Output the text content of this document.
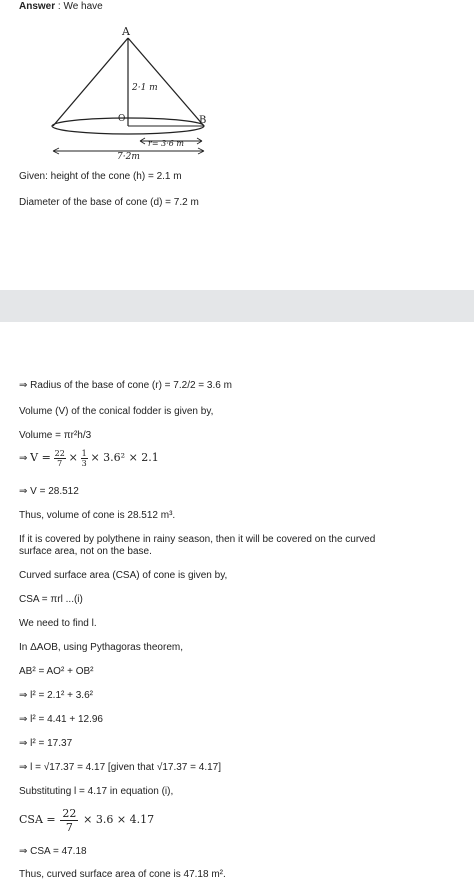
Answer : We have
A
2·1 m
O	B
r= 3·6 m
7·2m
Given: height of the cone (h) = 2.1 m
Diameter of the base of cone (d) = 7.2 m
⇒ Radius of the base of cone (r) = 7.2/2 = 3.6 m
Volume (V) of the conical fodder is given by,
Volume = πr²h/3
⇒ $V = \frac{22}{7} \times \frac{1}{3} \times 3.6^2 \times 2.1$
⇒ V = 28.512
Thus, volume of cone is 28.512 m³.
If it is covered by polythene in rainy season, then it will be covered on the curved
surface area, not on the base.
Curved surface area (CSA) of cone is given by,
CSA = πrl ...(i)
We need to find l.
In ΔAOB, using Pythagoras theorem,
AB² = AO² + OB²
⇒ l² = 2.1² + 3.6²
⇒ l² = 4.41 + 12.96
⇒ l² = 17.37
⇒ l = √17.37 = 4.17 [given that √17.37 = 4.17]
Substituting l = 4.17 in equation (i),
CSA = $\frac{22}{7} \times 3.6 \times 4.17$
⇒ CSA = 47.18
Thus, curved surface area of cone is 47.18 m².
